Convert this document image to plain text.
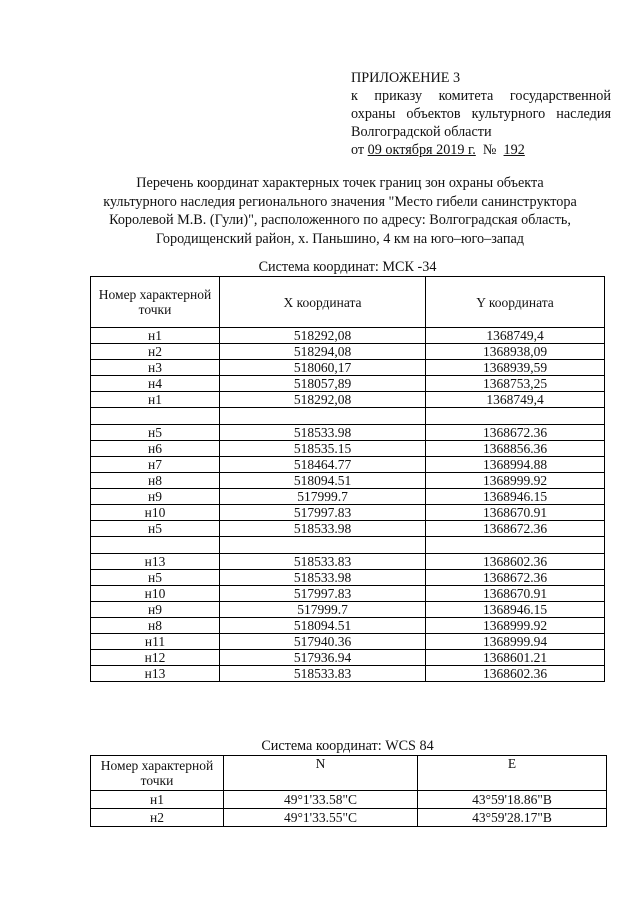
ПРИЛОЖЕНИЕ 3
к приказу комитета государственной
охраны объектов культурного наследия
Волгоградской области
от 09 октября 2019 г. № 192
Перечень координат характерных точек границ зон охраны объекта
культурного наследия регионального значения "Место гибели санинструктора
Королевой М.В. (Гули)", расположенного по адресу: Волгоградская область,
Городищенский район, х. Паньшино, 4 км на юго–юго–запад
Система координат: МСК -34
Номер характерной точки	X координата	Y координата
н1	518292,08	1368749,4
н2	518294,08	1368938,09
н3	518060,17	1368939,59
н4	518057,89	1368753,25
н1	518292,08	1368749,4

н5	518533.98	1368672.36
н6	518535.15	1368856.36
н7	518464.77	1368994.88
н8	518094.51	1368999.92
н9	517999.7	1368946.15
н10	517997.83	1368670.91
н5	518533.98	1368672.36

н13	518533.83	1368602.36
н5	518533.98	1368672.36
н10	517997.83	1368670.91
н9	517999.7	1368946.15
н8	518094.51	1368999.92
н11	517940.36	1368999.94
н12	517936.94	1368601.21
н13	518533.83	1368602.36
Система координат: WCS 84
Номер характерной точки	N	E
н1	49°1'33.58"С	43°59'18.86"В
н2	49°1'33.55"С	43°59'28.17"В
